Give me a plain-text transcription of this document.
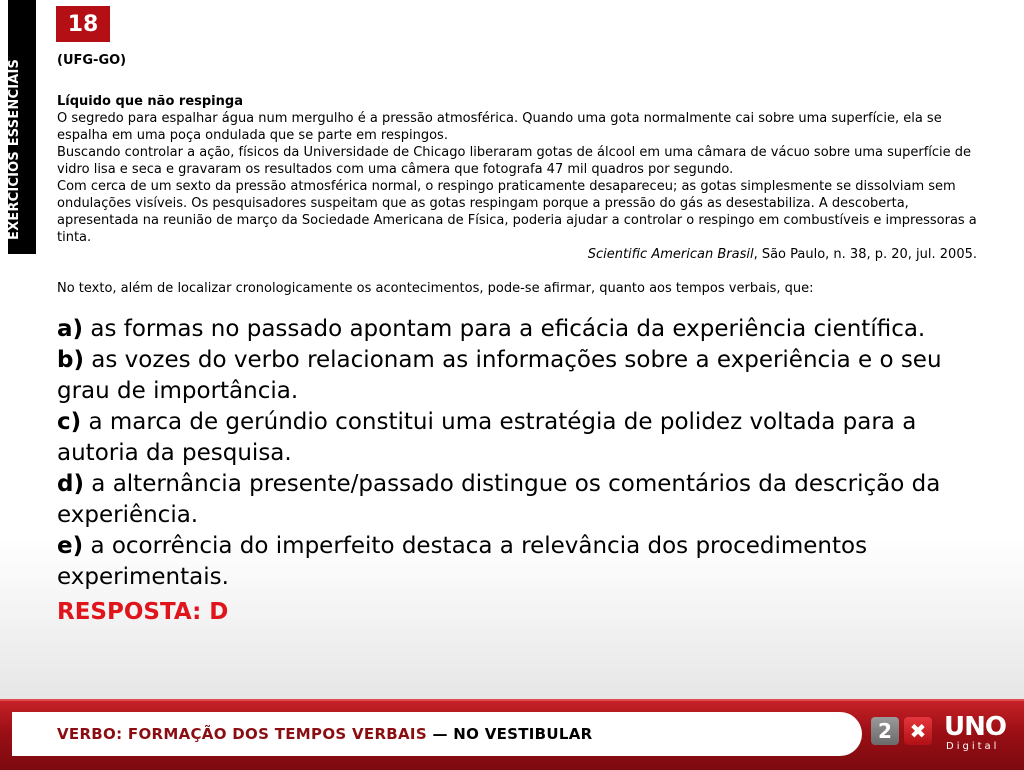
EXERCÍCIOS ESSENCIAIS
18

(UFG-GO)

Líquido que não respinga

O segredo para espalhar água num mergulho é a pressão atmosférica. Quando uma gota normalmente cai sobre uma superfície, ela se espalha em uma poça ondulada que se parte em respingos.

Buscando controlar a ação, físicos da Universidade de Chicago liberaram gotas de álcool em uma câmara de vácuo sobre uma superfície de vidro lisa e seca e gravaram os resultados com uma câmera que fotografa 47 mil quadros por segundo.

Com cerca de um sexto da pressão atmosférica normal, o respingo praticamente desapareceu; as gotas simplesmente se dissolviam sem ondulações visíveis. Os pesquisadores suspeitam que as gotas respingam porque a pressão do gás as desestabiliza. A descoberta, apresentada na reunião de março da Sociedade Americana de Física, poderia ajudar a controlar o respingo em combustíveis e impressoras a tinta.

Scientific American Brasil, São Paulo, n. 38, p. 20, jul. 2005.
No texto, além de localizar cronologicamente os acontecimentos, pode-se afirmar, quanto aos tempos verbais, que:

a) as formas no passado apontam para a eficácia da experiência científica.

b) as vozes do verbo relacionam as informações sobre a experiência e o seu grau de importância.

c) a marca de gerúndio constitui uma estratégia de polidez voltada para a autoria da pesquisa.

d) a alternância presente/passado distingue os comentários da descrição da experiência.

e) a ocorrência do imperfeito destaca a relevância dos procedimentos experimentais.

RESPOSTA: D
VERBO: FORMAÇÃO DOS TEMPOS VERBAIS — NO VESTIBULAR	2 ✖ UNO
Digital
